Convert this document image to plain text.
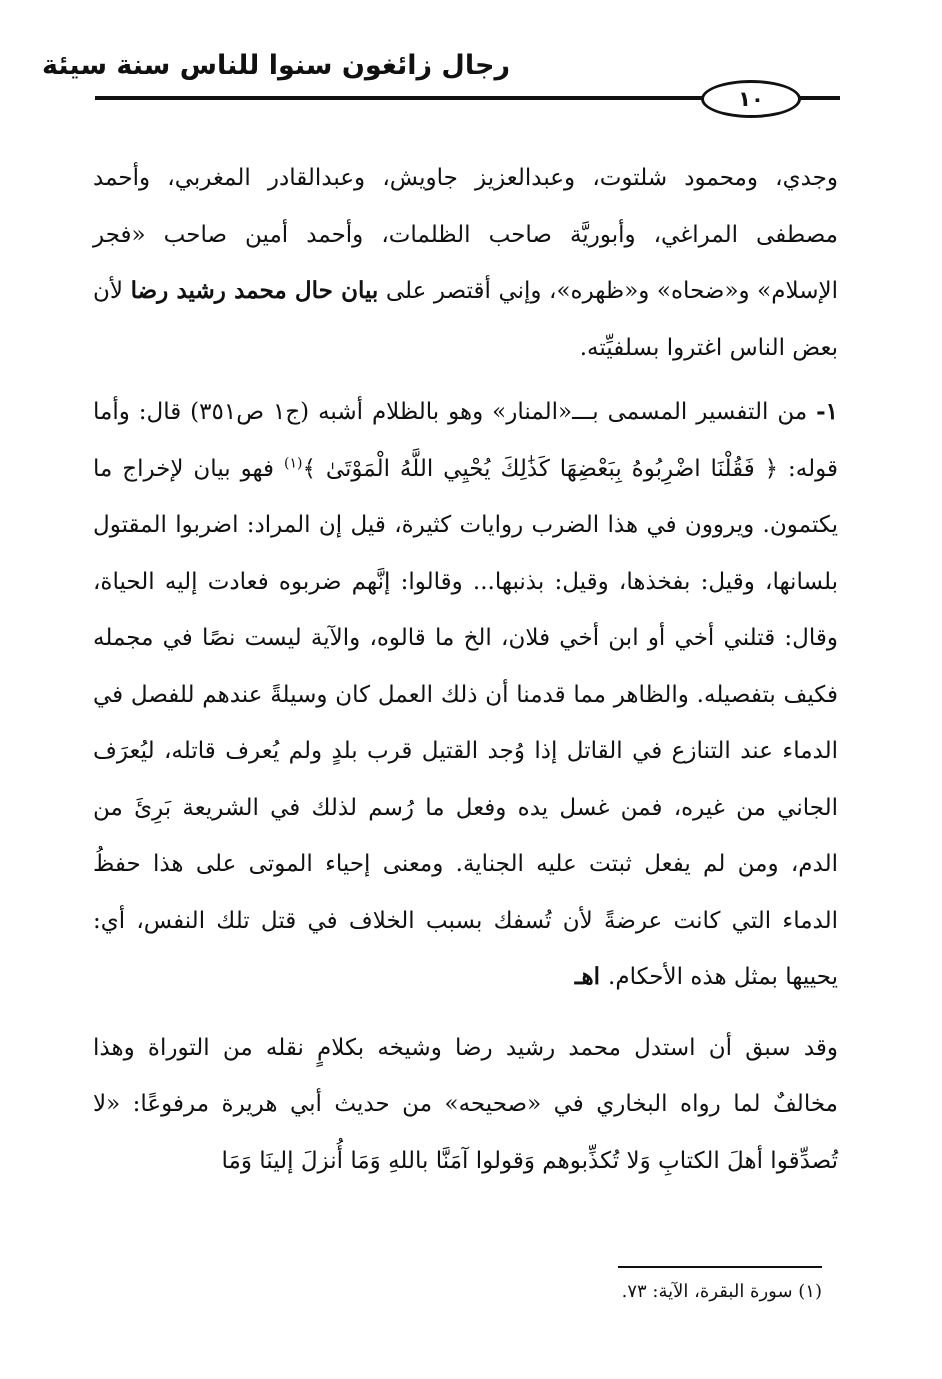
رجال زائغون سنوا للناس سنة سيئة
١٠

وجدي، ومحمود شلتوت، وعبدالعزيز جاويش، وعبدالقادر المغربي، وأحمد مصطفى المراغي، وأبوريَّة صاحب الظلمات، وأحمد أمين صاحب «فجر الإسلام» و«ضحاه» و«ظهره»، وإني أقتصر على بيان حال محمد رشيد رضا لأن بعض الناس اغتروا بسلفيِّته.

١- من التفسير المسمى بـــ«المنار» وهو بالظلام أشبه (ج١ ص٣٥١) قال: وأما قوله: ﴿ فَقُلْنَا اضْرِبُوهُ بِبَعْضِهَا كَذَٰلِكَ يُحْيِي اللَّهُ الْمَوْتَىٰ ﴾$^{(١)}$ فهو بيان لإخراج ما يكتمون. ويروون في هذا الضرب روايات كثيرة، قيل إن المراد: اضربوا المقتول بلسانها، وقيل: بفخذها، وقيل: بذنبها... وقالوا: إنَّهم ضربوه فعادت إليه الحياة، وقال: قتلني أخي أو ابن أخي فلان، الخ ما قالوه، والآية ليست نصًا في مجمله فكيف بتفصيله. والظاهر مما قدمنا أن ذلك العمل كان وسيلةً عندهم للفصل في الدماء عند التنازع في القاتل إذا وُجد القتيل قرب بلدٍ ولم يُعرف قاتله، ليُعرَف الجاني من غيره، فمن غسل يده وفعل ما رُسم لذلك في الشريعة بَرِئَ من الدم، ومن لم يفعل ثبتت عليه الجناية. ومعنى إحياء الموتى على هذا حفظُ الدماء التي كانت عرضةً لأن تُسفك بسبب الخلاف في قتل تلك النفس، أي: يحييها بمثل هذه الأحكام. اهـ

وقد سبق أن استدل محمد رشيد رضا وشيخه بكلامٍ نقله من التوراة وهذا مخالفٌ لما رواه البخاري في «صحيحه» من حديث أبي هريرة مرفوعًا: «لا تُصدِّقوا أهلَ الكتابِ وَلا تُكذِّبوهم وَقولوا آمَنَّا باللهِ وَمَا أُنزلَ إلينَا وَمَا

(١) سورة البقرة، الآية: ٧٣.
